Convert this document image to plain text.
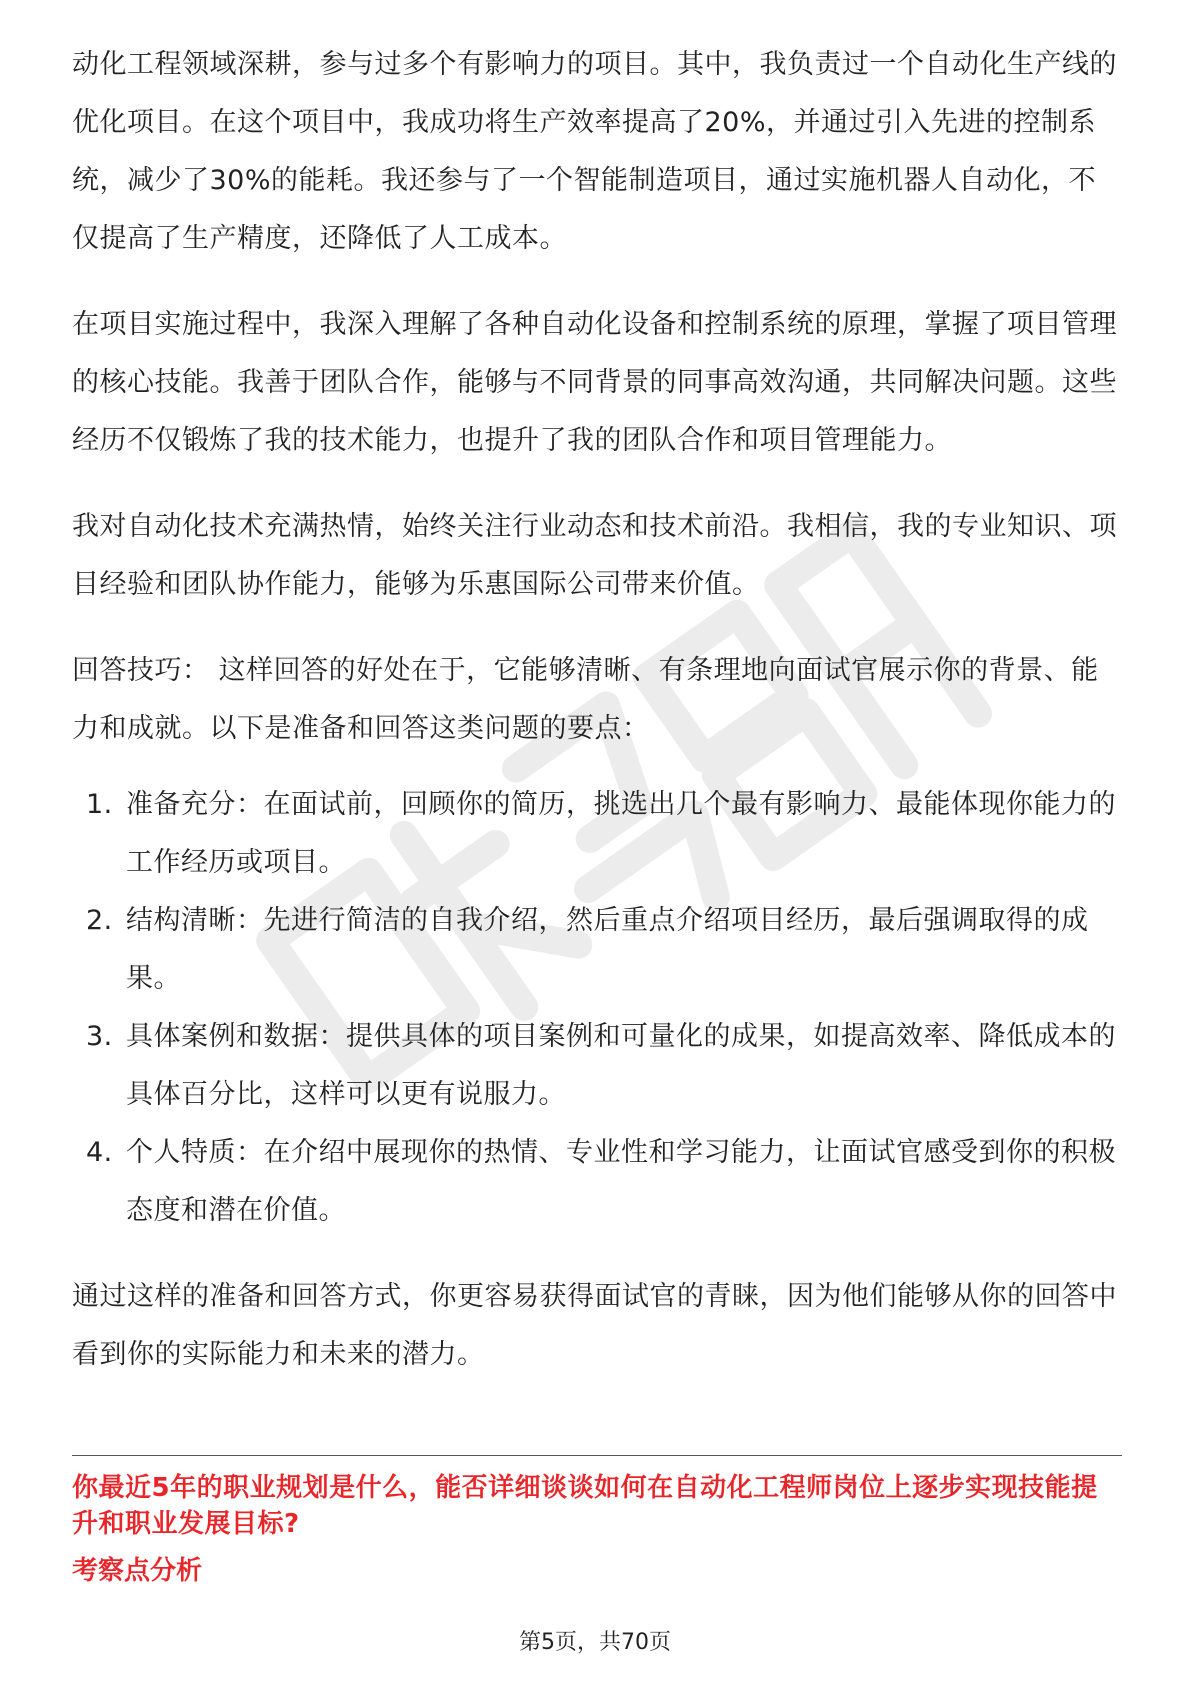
动化工程领域深耕，参与过多个有影响力的项目。其中，我负责过一个自动化生产线的优化项目。在这个项目中，我成功将生产效率提高了20%，并通过引入先进的控制系统，减少了30%的能耗。我还参与了一个智能制造项目，通过实施机器人自动化，不仅提高了生产精度，还降低了人工成本。

在项目实施过程中，我深入理解了各种自动化设备和控制系统的原理，掌握了项目管理的核心技能。我善于团队合作，能够与不同背景的同事高效沟通，共同解决问题。这些经历不仅锻炼了我的技术能力，也提升了我的团队合作和项目管理能力。

我对自动化技术充满热情，始终关注行业动态和技术前沿。我相信，我的专业知识、项目经验和团队协作能力，能够为乐惠国际公司带来价值。

回答技巧： 这样回答的好处在于，它能够清晰、有条理地向面试官展示你的背景、能力和成就。以下是准备和回答这类问题的要点：

1. 准备充分：在面试前，回顾你的简历，挑选出几个最有影响力、最能体现你能力的工作经历或项目。
2. 结构清晰：先进行简洁的自我介绍，然后重点介绍项目经历，最后强调取得的成果。
3. 具体案例和数据：提供具体的项目案例和可量化的成果，如提高效率、降低成本的具体百分比，这样可以更有说服力。
4. 个人特质：在介绍中展现你的热情、专业性和学习能力，让面试官感受到你的积极态度和潜在价值。

通过这样的准备和回答方式，你更容易获得面试官的青睐，因为他们能够从你的回答中看到你的实际能力和未来的潜力。

你最近5年的职业规划是什么，能否详细谈谈如何在自动化工程师岗位上逐步实现技能提升和职业发展目标?

考察点分析

第5页，共70页
